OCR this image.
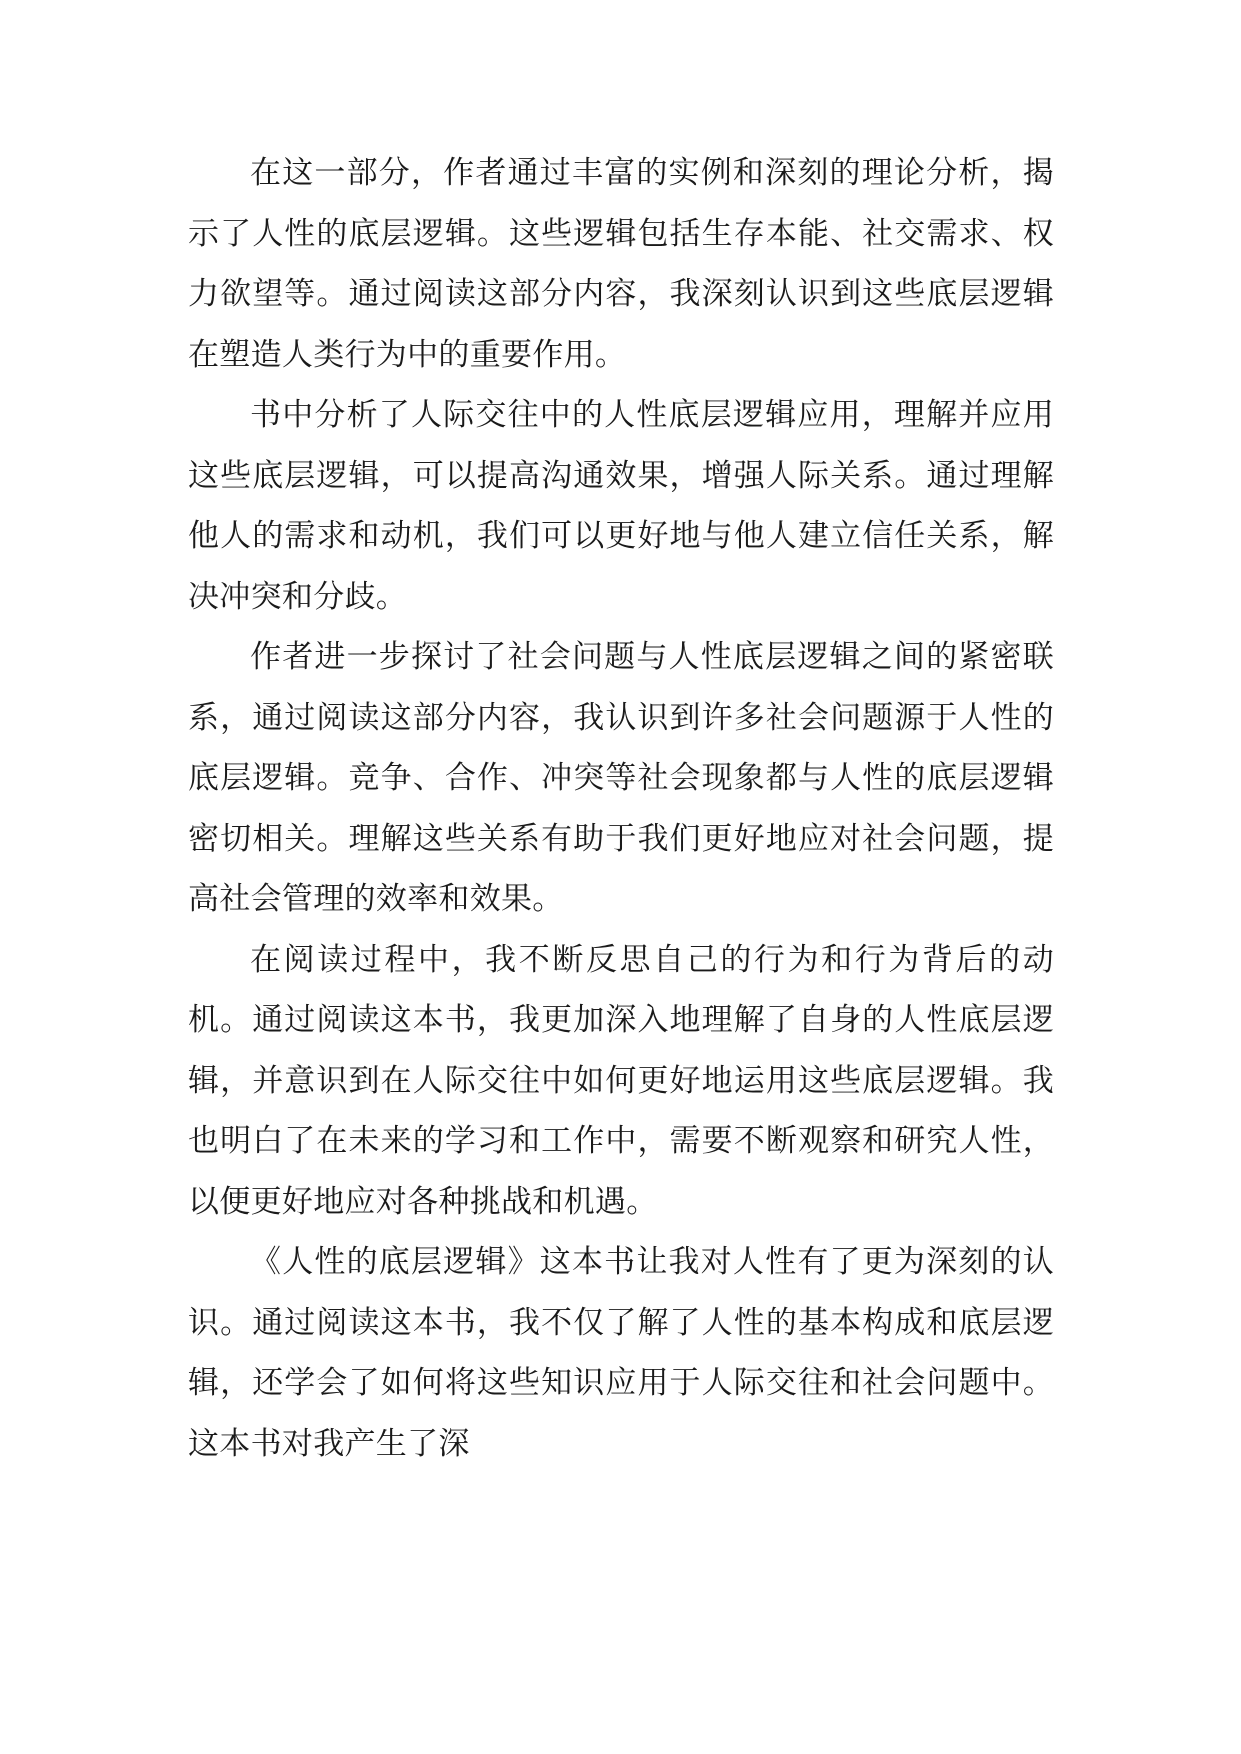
在这一部分，作者通过丰富的实例和深刻的理论分析，揭示了人性的底层逻辑。这些逻辑包括生存本能、社交需求、权力欲望等。通过阅读这部分内容，我深刻认识到这些底层逻辑在塑造人类行为中的重要作用。

书中分析了人际交往中的人性底层逻辑应用，理解并应用这些底层逻辑，可以提高沟通效果，增强人际关系。通过理解他人的需求和动机，我们可以更好地与他人建立信任关系，解决冲突和分歧。

作者进一步探讨了社会问题与人性底层逻辑之间的紧密联系，通过阅读这部分内容，我认识到许多社会问题源于人性的底层逻辑。竞争、合作、冲突等社会现象都与人性的底层逻辑密切相关。理解这些关系有助于我们更好地应对社会问题，提高社会管理的效率和效果。

在阅读过程中，我不断反思自己的行为和行为背后的动机。通过阅读这本书，我更加深入地理解了自身的人性底层逻辑，并意识到在人际交往中如何更好地运用这些底层逻辑。我也明白了在未来的学习和工作中，需要不断观察和研究人性，以便更好地应对各种挑战和机遇。

《人性的底层逻辑》这本书让我对人性有了更为深刻的认识。通过阅读这本书，我不仅了解了人性的基本构成和底层逻辑，还学会了如何将这些知识应用于人际交往和社会问题中。这本书对我产生了深
